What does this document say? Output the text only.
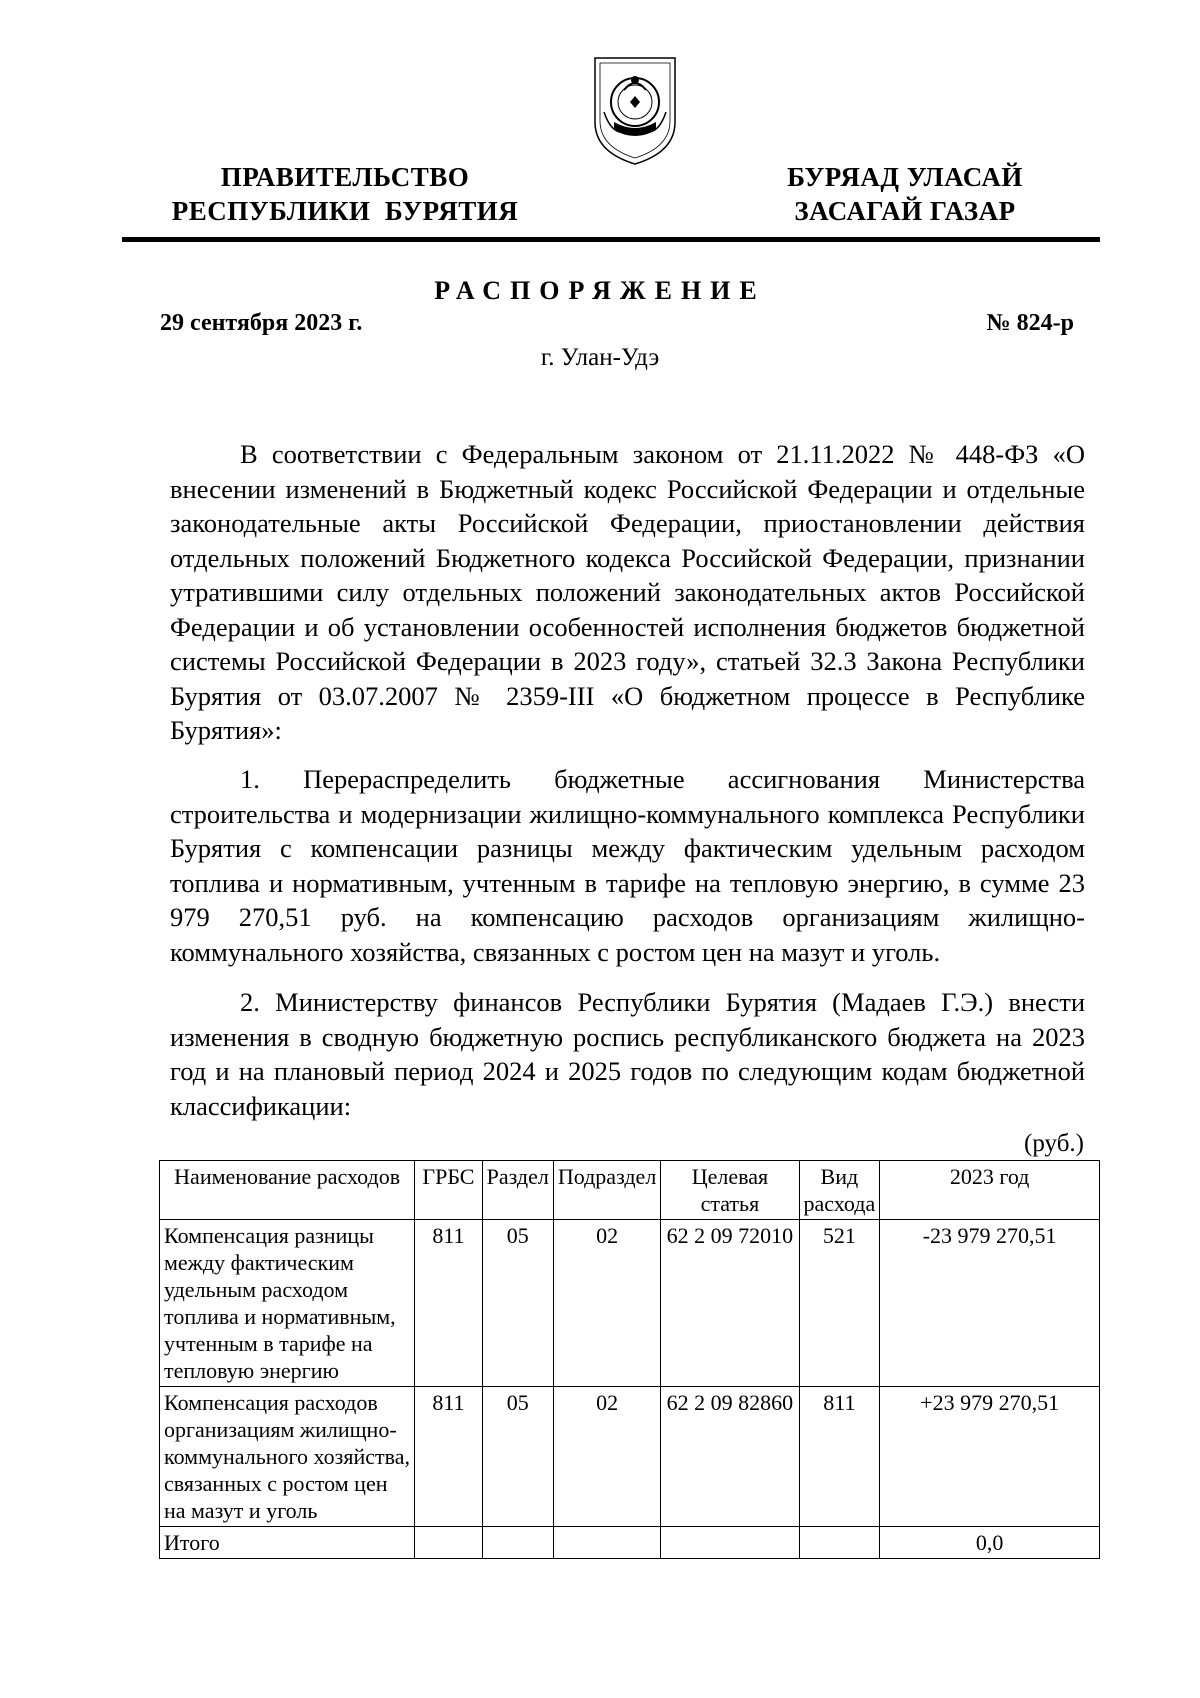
ПРАВИТЕЛЬСТВО
РЕСПУБЛИКИ  БУРЯТИЯ
БУРЯАД УЛАСАЙ
ЗАСАГАЙ ГАЗАР
РАСПОРЯЖЕНИЕ
29 сентября 2023 г.	№ 824-р
г. Улан-Удэ

В соответствии с Федеральным законом от 21.11.2022 № 448-ФЗ «О внесении изменений в Бюджетный кодекс Российской Федерации и отдельные законодательные акты Российской Федерации, приостановлении действия отдельных положений Бюджетного кодекса Российской Федерации, признании утратившими силу отдельных положений законодательных актов Российской Федерации и об установлении особенностей исполнения бюджетов бюджетной системы Российской Федерации в 2023 году», статьей 32.3 Закона Республики Бурятия от 03.07.2007 № 2359-III «О бюджетном процессе в Республике Бурятия»:

1. Перераспределить бюджетные ассигнования Министерства строительства и модернизации жилищно-коммунального комплекса Республики Бурятия с компенсации разницы между фактическим удельным расходом топлива и нормативным, учтенным в тарифе на тепловую энергию, в сумме 23 979 270,51 руб. на компенсацию расходов организациям жилищно-коммунального хозяйства, связанных с ростом цен на мазут и уголь.

2. Министерству финансов Республики Бурятия (Мадаев Г.Э.) внести изменения в сводную бюджетную роспись республиканского бюджета на 2023 год и на плановый период 2024 и 2025 годов по следующим кодам бюджетной классификации:

(руб.)
Наименование расходов	ГРБС	Раздел	Подраздел	Целевая статья	Вид расхода	2023 год
Компенсация разницы между фактическим удельным расходом топлива и нормативным, учтенным в тарифе на тепловую энергию	811	05	02	62 2 09 72010	521	-23 979 270,51
Компенсация расходов организациям жилищно-коммунального хозяйства, связанных с ростом цен на мазут и уголь	811	05	02	62 2 09 82860	811	+23 979 270,51
Итого						0,0
